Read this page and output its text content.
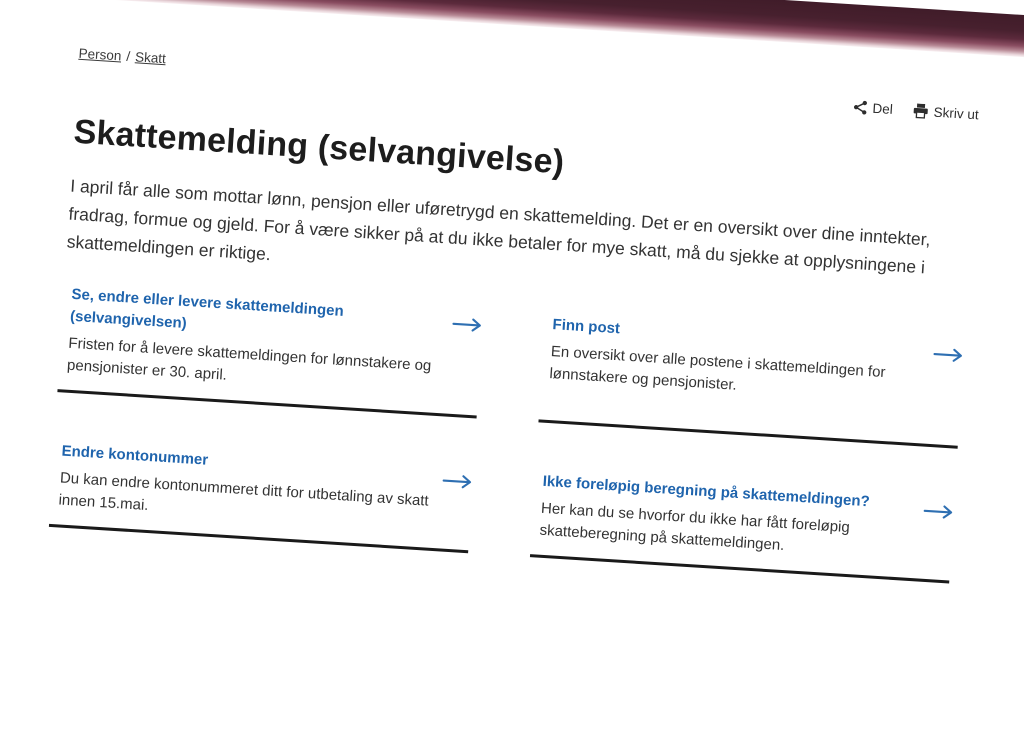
Person / Skatt
Del	Skriv ut
Skattemelding (selvangivelse)

I april får alle som mottar lønn, pensjon eller uføretrygd en skattemelding. Det er en oversikt over dine inntekter, fradrag, formue og gjeld. For å være sikker på at du ikke betaler for mye skatt, må du sjekke at opplysningene i skattemeldingen er riktige.

Se, endre eller levere skattemeldingen (selvangivelsen)

Fristen for å levere skattemeldingen for lønnstakere og pensjonister er 30. april.

Finn post

En oversikt over alle postene i skattemeldingen for lønnstakere og pensjonister.

Endre kontonummer

Du kan endre kontonummeret ditt for utbetaling av skatt innen 15.mai.	Ikke foreløpig beregning på skattemeldingen?

Her kan du se hvorfor du ikke har fått foreløpig skatteberegning på skattemeldingen.
